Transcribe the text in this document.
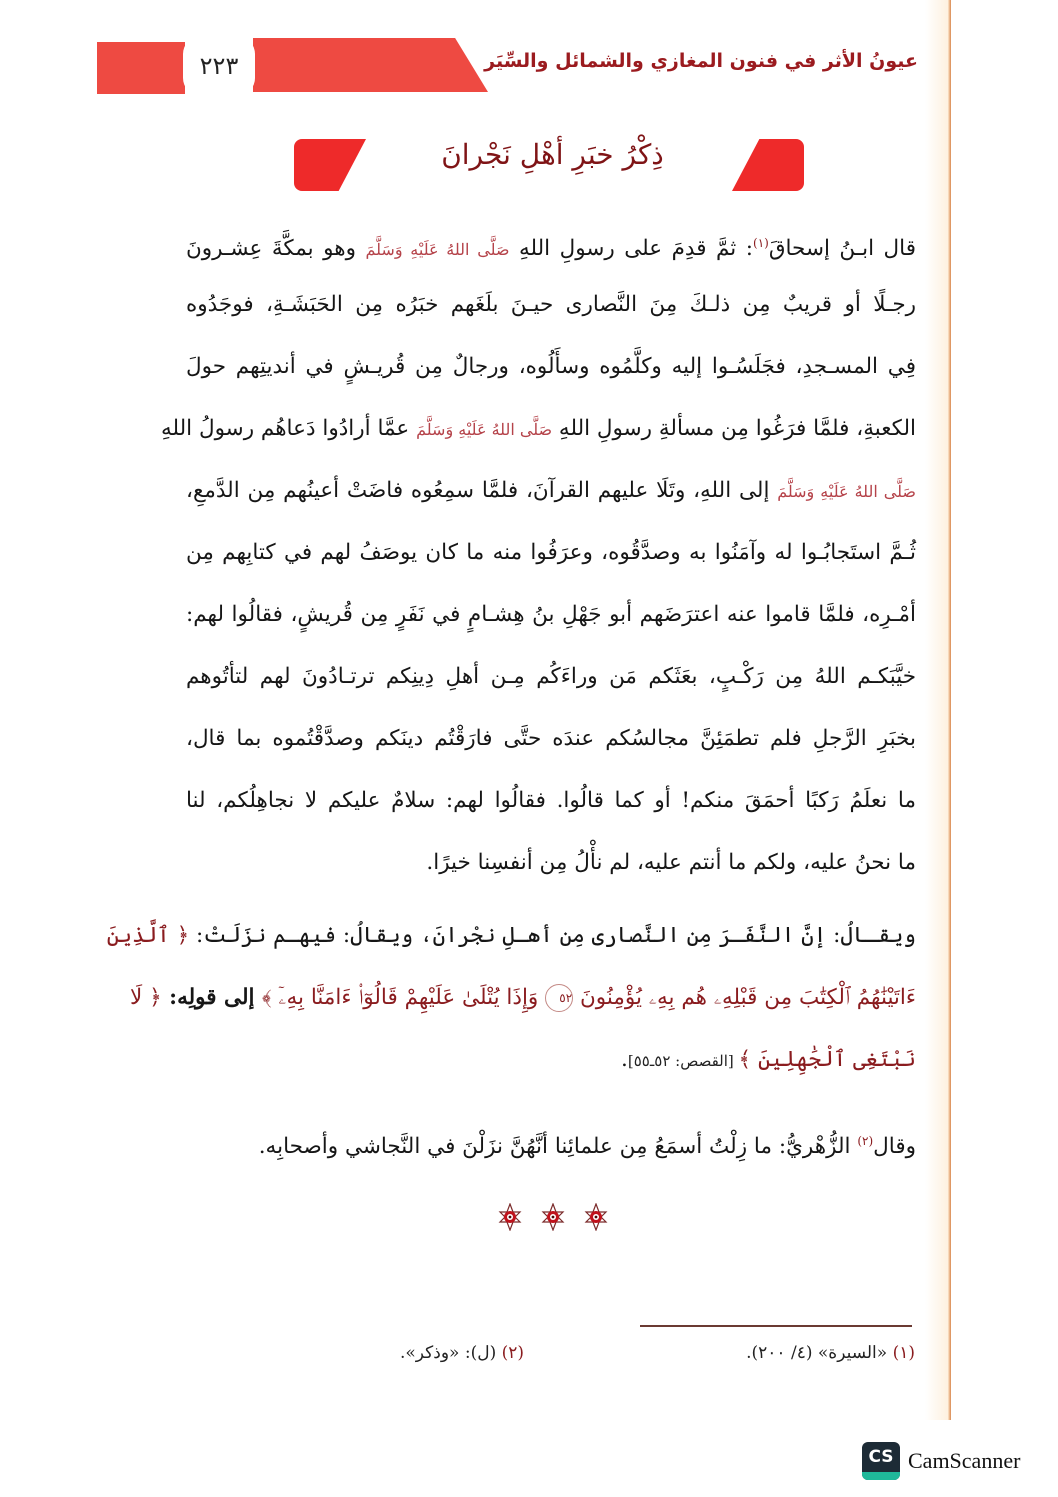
٢٢٣	عيونُ الأثر في فنون المغازي والشمائل والسِّيَر
ذِكْرُ خبَرِ أهْلِ نَجْرانَ
قال ابـنُ إسحاقَ$^{(١)}$: ثمَّ قدِمَ على رسولِ اللهِ صَلَّى اللهُ عَلَيْهِ وَسَلَّمَ وهو بمكَّةَ عِشـرونَ
رجـلًا أو قريبٌ مِن ذلـكَ مِنَ النَّصارى حيـنَ بلَغَهم خبَرُه مِن الحَبَشَـةِ، فوجَدُوه
فِي المسـجدِ، فجَلَسُـوا إليه وكلَّمُوه وسأَلُوه، ورجالٌ مِن قُريـشٍ في أنديتِهم حولَ
الكعبةِ، فلمَّا فرَغُوا مِن مسألةِ رسولِ اللهِ صَلَّى اللهُ عَلَيْهِ وَسَلَّمَ عمَّا أرادُوا دَعاهُم رسولُ اللهِ
صَلَّى اللهُ عَلَيْهِ وَسَلَّمَ إلى اللهِ، وتَلَا عليهم القرآنَ، فلمَّا سمِعُوه فاضَتْ أعينُهم مِن الدَّمعِ،
ثُـمَّ استَجابُـوا له وآمَنُوا به وصدَّقُوه، وعرَفُوا منه ما كان يوصَفُ لهم في كتابِهم مِن
أمْـرِه، فلمَّا قاموا عنه اعترَضَهم أبو جَهْلِ بنُ هِشـامٍ في نَفَرٍ مِن قُريشٍ، فقالُوا لهم:
خيَّبَكـم اللهُ مِن رَكْـبٍ، بعَثَكم مَن وراءَكُم مِـن أهلِ دِينِكم ترتـادُونَ لهم لتأتُوهم
بخبَرِ الرَّجلِ فلم تطمَئِنَّ مجالسُكم عندَه حتَّى فارَقْتُم دينَكم وصدَّقْتُموه بما قال،
ما نعلَمُ رَكبًا أحمَقَ منكم! أو كما قالُوا. فقالُوا لهم: سلامٌ عليكم لا نجاهِلُكم، لنا
ما نحنُ عليه، ولكم ما أنتم عليه، لم نأْلُ مِن أنفسِنا خيرًا.
ويقـالُ: إنَّ النَّفَـرَ مِن النَّصارى مِن أهـلِ نجْرانَ، ويقالُ: فيهـم نزَلَتْ: ﴿ ٱلَّذِينَ
ءَاتَيْنَٰهُمُ ٱلْكِتَٰبَ مِن قَبْلِهِۦ هُم بِهِۦ يُؤْمِنُونَ ٥٢ وَإِذَا يُتْلَىٰ عَلَيْهِمْ قَالُوٓا۟ ءَامَنَّا بِهِۦٓ ﴾ إلى قولِه: ﴿ لَا
نَبْتَغِى ٱلْجَٰهِلِينَ ﴾ [القصص: ٥٢ـ٥٥].
وقال$^{(٢)}$ الزُّهْريُّ: ما زِلْتُ أسمَعُ مِن علمائِنا أنَّهُنَّ نزَلْنَ في النَّجاشي وأصحابِه.
(١) «السيرة» (٤/ ٢٠٠).
(٢) (ل): «وذكر».
CS CamScanner
